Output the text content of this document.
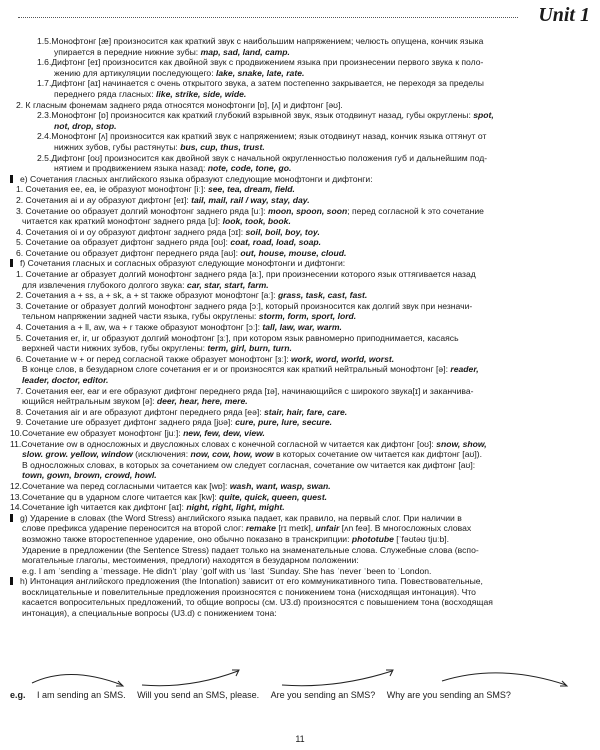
Unit 1
1.5.Монофтонг [æ] произносится как краткий звук с наибольшим напряжением; челюсть опущена, кончик языка
упирается в передние нижние зубы: map, sad, land, camp.
1.6.Дифтонг [eɪ] произносится как двойной звук с продвижением языка при произнесении первого звука к поло-
жению для артикуляции последующего: lake, snake, late, rate.
1.7.Дифтонг [aɪ] начинается с очень открытого звука, а затем постепенно закрывается, не переходя за пределы
переднего ряда гласных: like, strike, side, wide.
2. К гласным фонемам заднего ряда относятся монофтонги [ɒ], [ʌ] и дифтонг [əʊ].
2.3.Монофтонг [ɒ] произносится как краткий глубокий взрывной звук, язык отодвинут назад, губы округлены: spot,
not, drop, stop.
2.4.Монофтонг [ʌ] произносится как краткий звук с напряжением; язык отодвинут назад, кончик языка оттянут от
нижних зубов, губы растянуты: bus, cup, thus, trust.
2.5.Дифтонг [oʊ] произносится как двойной звук с начальной округленностью положения губ и дальнейшим под-
нятием и продвижением языка назад: note, code, tone, go.
e) Сочетания гласных английского языка образуют следующие монофтонги и дифтонги:
1. Сочетания ee, ea, ie образуют монофтонг [iː]: see, tea, dream, field.
2. Сочетания ai и ay образуют дифтонг [eɪ]: tail, mail, rail / way, stay, day.
3. Сочетание oo образует долгий монофтонг заднего ряда [uː]: moon, spoon, soon; перед согласной k это сочетание
читается как краткий монофтонг заднего ряда [ʊ]: look, took, book.
4. Сочетания oi и oy образуют дифтонг заднего ряда [ɔɪ]: soil, boil, boy, toy.
5. Сочетание oa образует дифтонг заднего ряда [oʊ]: coat, road, load, soap.
6. Сочетание ou образует дифтонг переднего ряда [aʊ]: out, house, mouse, cloud.
f) Сочетания гласных и согласных образуют следующие монофтонги и дифтонги:
1. Сочетание ar образует долгий монофтонг заднего ряда [aː], при произнесении которого язык оттягивается назад
для извлечения глубокого долгого звука: car, star, start, farm.
2. Сочетания a + ss, a + sk, a + st также образуют монофтонг [aː]: grass, task, cast, fast.
3. Сочетание or образует долгий монофтонг заднего ряда [ɔː], который произносится как долгий звук при незначи-
тельном напряжении задней части языка, губы округлены: storm, form, sport, lord.
4. Сочетания a + ll, aw, wa + r также образуют монофтонг [ɔː]: tall, law, war, warm.
5. Сочетания er, ir, ur образуют долгий монофтонг [ɜː], при котором язык равномерно приподнимается, касаясь
верхней части нижних зубов, губы округлены: term, girl, burn, turn.
6. Сочетание w + or перед согласной также образует монофтонг [ɜː]: work, word, world, worst.
В конце слов, в безударном слоге сочетания er и or произносятся как краткий нейтральный монофтонг [ə]: reader,
leader, doctor, editor.
7. Сочетания eer, ear и ere образуют дифтонг переднего ряда [ɪə], начинающийся с широкого звука[ɪ] и заканчива-
ющийся нейтральным звуком [ə]: deer, hear, here, mere.
8. Сочетания air и are образуют дифтонг переднего ряда [eə]: stair, hair, fare, care.
9. Сочетание ure образует дифтонг заднего ряда [jʊə]: cure, pure, lure, secure.
10.Сочетание ew образует монофтонг [juː]: new, few, dew, view.
11.Сочетание ow в односложных и двусложных словах с конечной согласной w читается как дифтонг [oʊ]: snow, show,
slow. grow. yellow, window (исключения: now, cow, how, wow в которых сочетание ow читается как дифтонг [aʊ]).
В односложных словах, в которых за сочетанием ow следует согласная, сочетание ow читается как дифтонг [aʊ]:
town, gown, brown, crowd, howl.
12.Сочетание wa перед согласными читается как [wɒ]: wash, want, wasp, swan.
13.Сочетание qu в ударном слоге читается как [kw]: quite, quick, queen, quest.
14.Сочетание igh читается как дифтонг [aɪ]: night, right, light, might.
g) Ударение в словах (the Word Stress) английского языка падает, как правило, на первый слог. При наличии в
слове префикса ударение переносится на второй слог: remake [rɪ meɪk], unfair [ʌn feə]. В многосложных словах
возможно также второстепенное ударение, оно обычно показано в транскрипции: phototube [ˈfəʊtəʊ tjuːb].
Ударение в предложении (the Sentence Stress) падает только на знаменательные слова. Служебные слова (вспо-
могательные глаголы, местоимения, предлоги) находятся в безударном положении:
e.g. I am ˈsending a ˈmessage. He didn't ˈplay ˈgolf with us ˈlast ˈSunday. She has ˈnever ˈbeen to ˈLondon.
h) Интонация английского предложения (the Intonation) зависит от его коммуникативного типа. Повествовательные,
восклицательные и повелительные предложения произносятся с понижением тона (нисходящая интонация). Что
касается вопросительных предложений, то общие вопросы (см. U3.d) произносятся с повышением тона (восходящая
интонация), а специальные вопросы (U3.d) с понижением тона:
e.g. I am sending an SMS. Will you send an SMS, please. Are you sending an SMS? Why are you sending an SMS?
11
